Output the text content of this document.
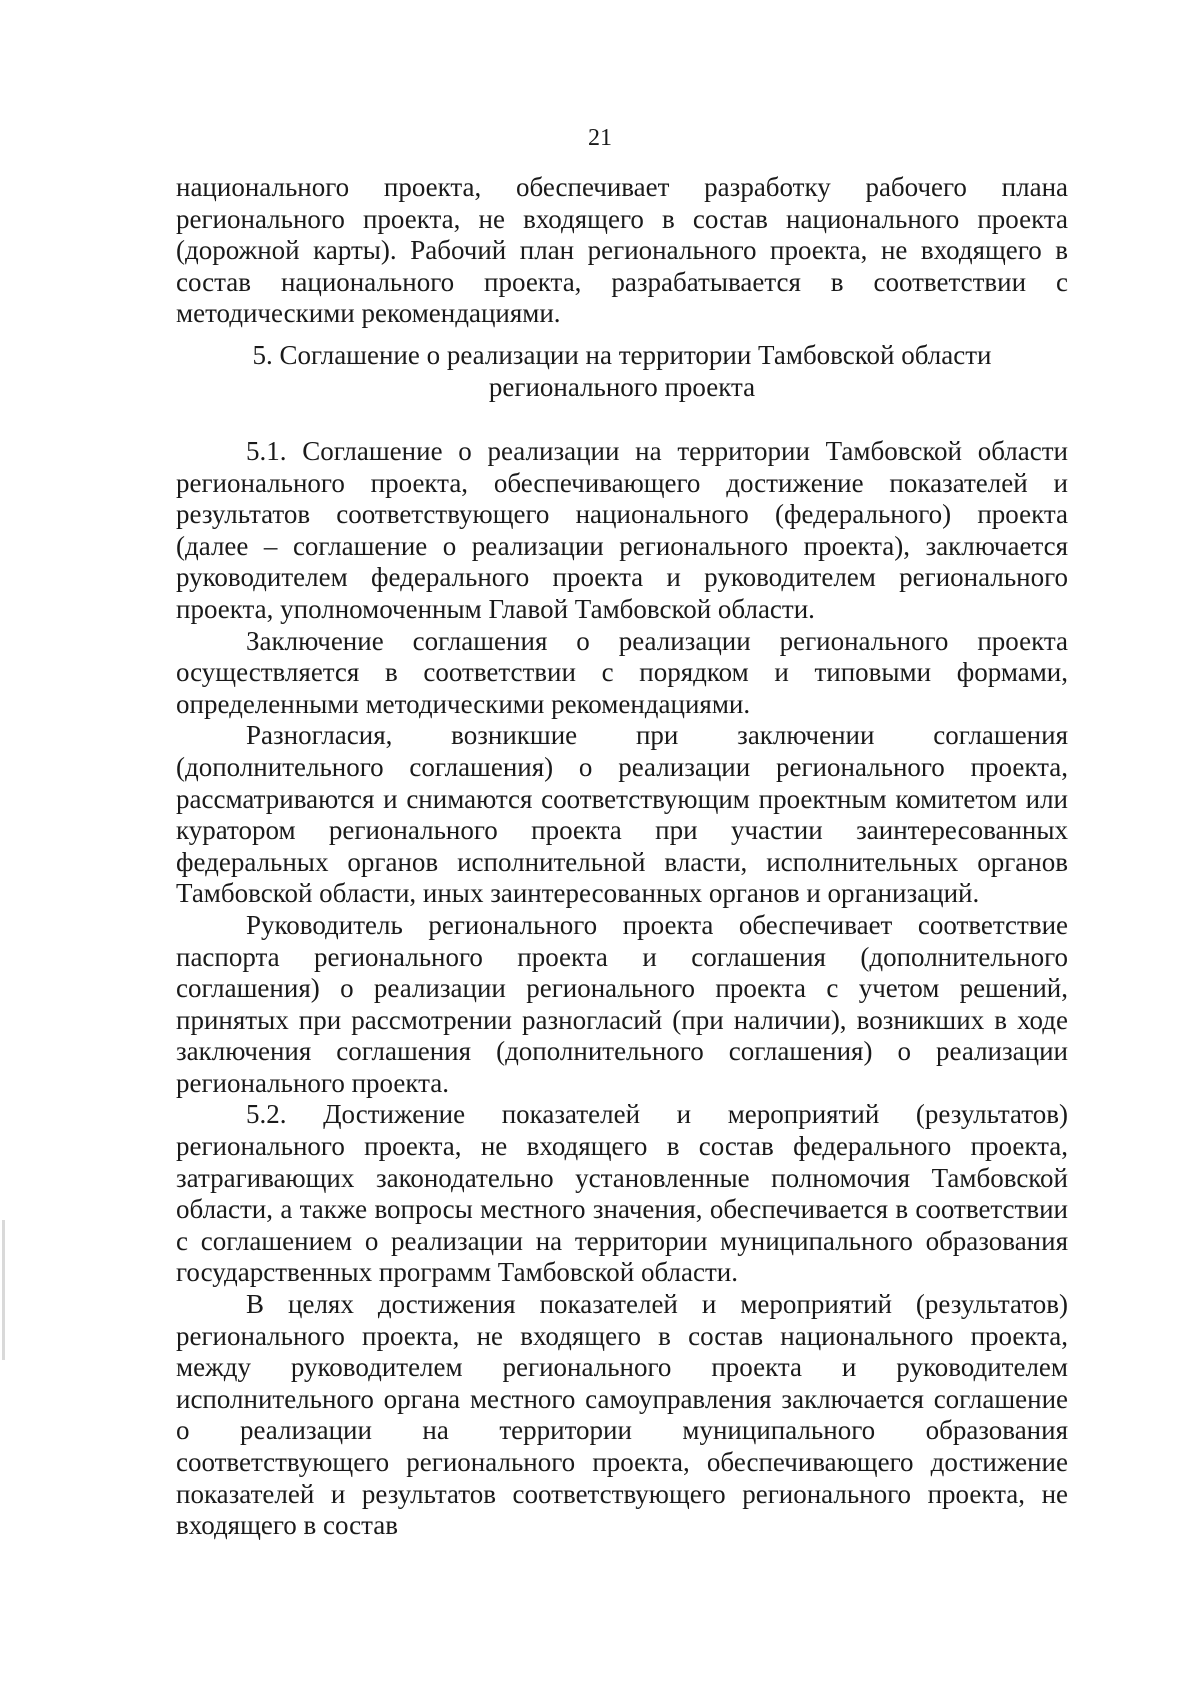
21

национального проекта, обеспечивает разработку рабочего плана регионального проекта, не входящего в состав национального проекта (дорожной карты). Рабочий план регионального проекта, не входящего в состав национального проекта, разрабатывается в соответствии с методическими рекомендациями.

5. Соглашение о реализации на территории Тамбовской области
регионального проекта

5.1. Соглашение о реализации на территории Тамбовской области регионального проекта, обеспечивающего достижение показателей и результатов соответствующего национального (федерального) проекта (далее – соглашение о реализации регионального проекта), заключается руководителем федерального проекта и руководителем регионального проекта, уполномоченным Главой Тамбовской области.

Заключение соглашения о реализации регионального проекта осуществляется в соответствии с порядком и типовыми формами, определенными методическими рекомендациями.

Разногласия, возникшие при заключении соглашения (дополнительного соглашения) о реализации регионального проекта, рассматриваются и снимаются соответствующим проектным комитетом или куратором регионального проекта при участии заинтересованных федеральных органов исполнительной власти, исполнительных органов Тамбовской области, иных заинтересованных органов и организаций.

Руководитель регионального проекта обеспечивает соответствие паспорта регионального проекта и соглашения (дополнительного соглашения) о реализации регионального проекта с учетом решений, принятых при рассмотрении разногласий (при наличии), возникших в ходе заключения соглашения (дополнительного соглашения) о реализации регионального проекта.

5.2. Достижение показателей и мероприятий (результатов) регионального проекта, не входящего в состав федерального проекта, затрагивающих законодательно установленные полномочия Тамбовской области, а также вопросы местного значения, обеспечивается в соответствии с соглашением о реализации на территории муниципального образования государственных программ Тамбовской области.

В целях достижения показателей и мероприятий (результатов) регионального проекта, не входящего в состав национального проекта, между руководителем регионального проекта и руководителем исполнительного органа местного самоуправления заключается соглашение о реализации на территории муниципального образования соответствующего регионального проекта, обеспечивающего достижение показателей и результатов соответствующего регионального проекта, не входящего в состав
